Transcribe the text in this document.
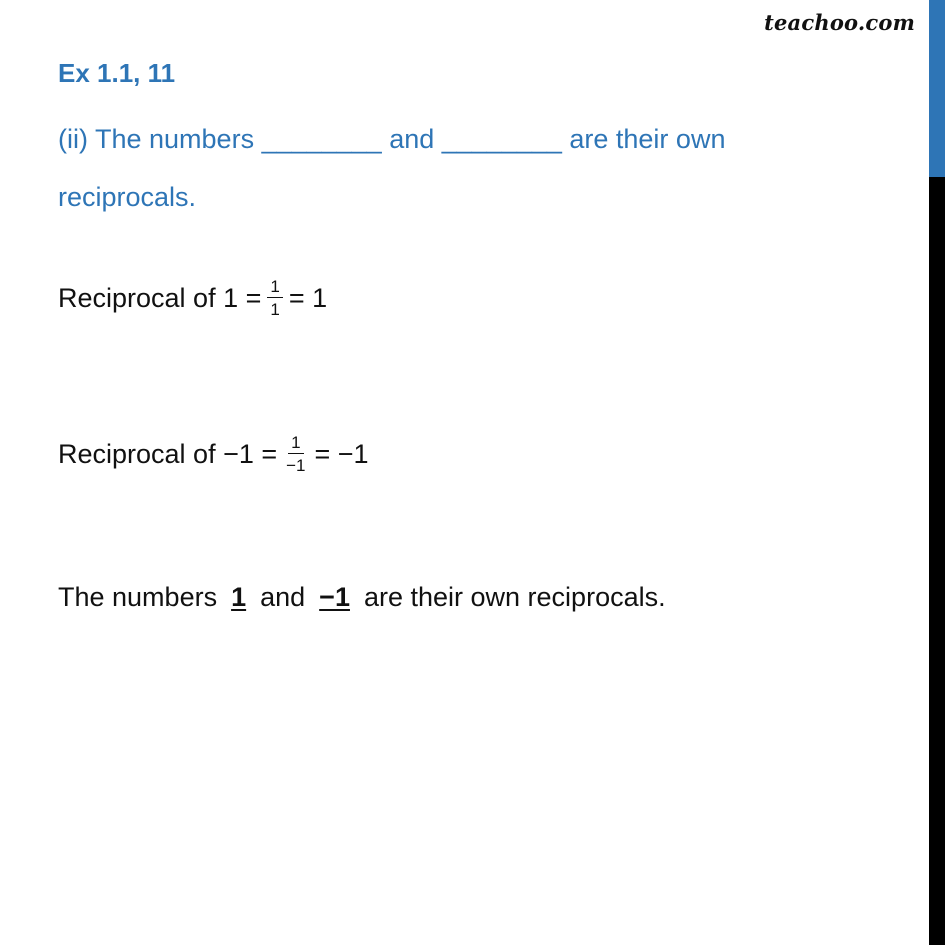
teachoo.com
Ex 1.1, 11
(ii) The numbers ________ and ________ are their own reciprocals.
Reciprocal of $1 = \frac{1}{1} = 1$
Reciprocal of $-1 = \frac{1}{-1} = -1$
The numbers 1 and −1 are their own reciprocals.
